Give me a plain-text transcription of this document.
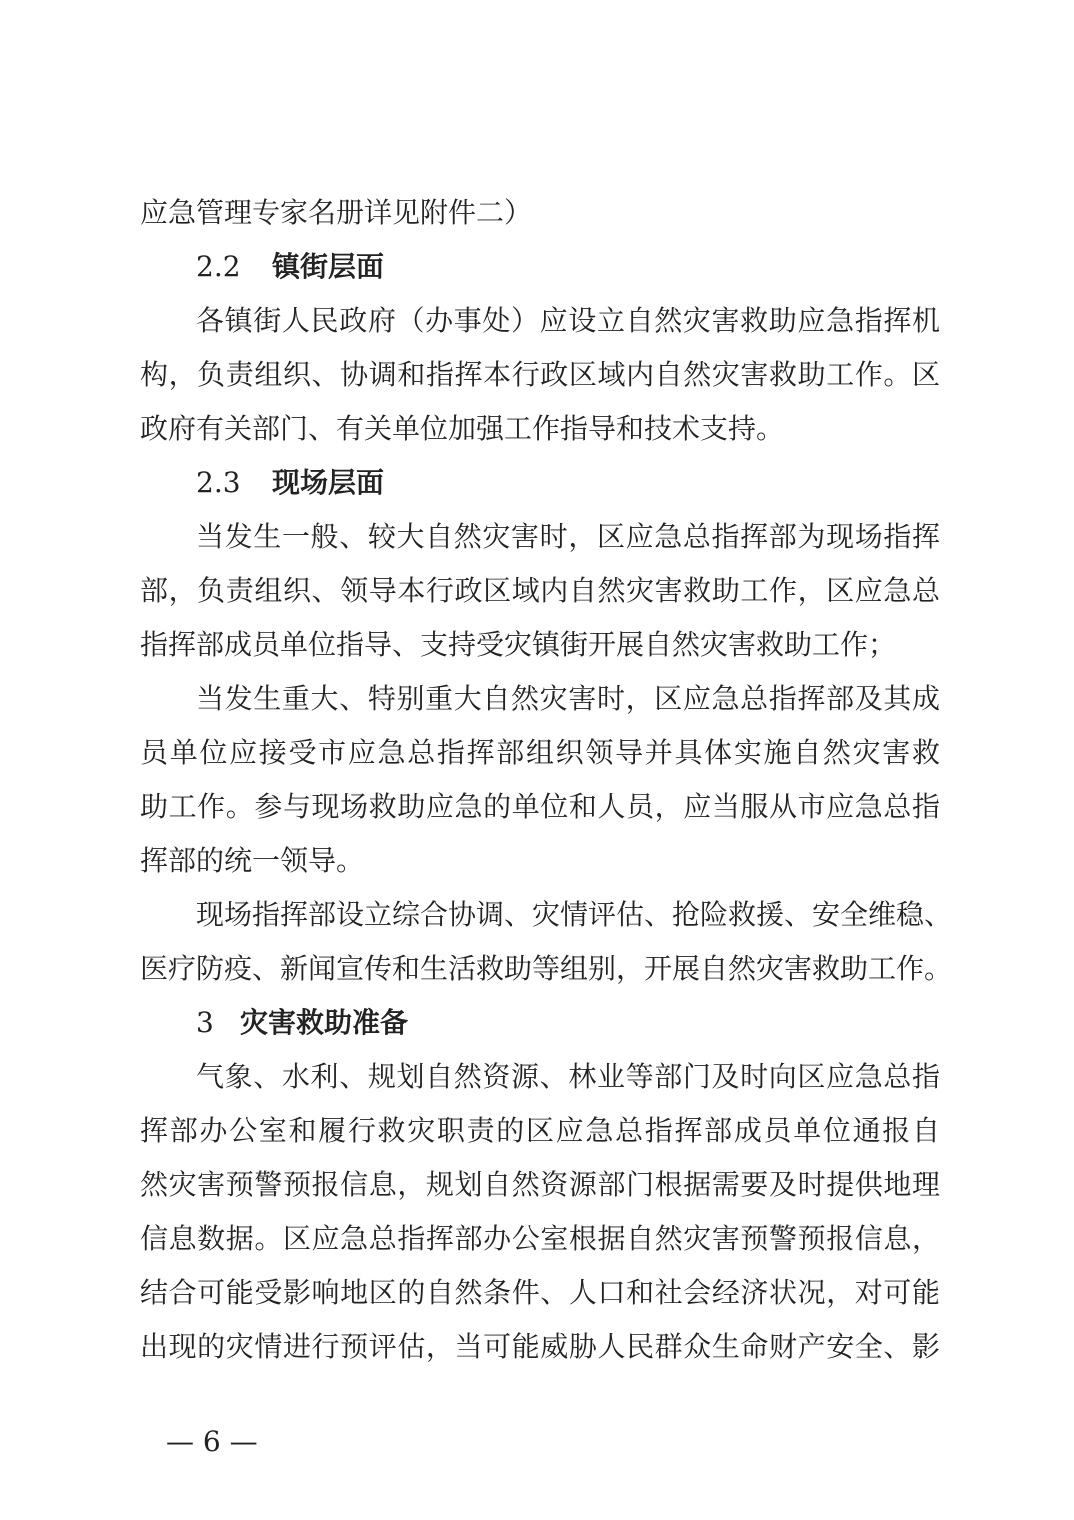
应急管理专家名册详见附件二）
2.2 镇街层面
各镇街人民政府（办事处）应设立自然灾害救助应急指挥机
构，负责组织、协调和指挥本行政区域内自然灾害救助工作。区
政府有关部门、有关单位加强工作指导和技术支持。
2.3 现场层面
当发生一般、较大自然灾害时，区应急总指挥部为现场指挥
部，负责组织、领导本行政区域内自然灾害救助工作，区应急总
指挥部成员单位指导、支持受灾镇街开展自然灾害救助工作；
当发生重大、特别重大自然灾害时，区应急总指挥部及其成
员单位应接受市应急总指挥部组织领导并具体实施自然灾害救
助工作。参与现场救助应急的单位和人员，应当服从市应急总指
挥部的统一领导。
现场指挥部设立综合协调、灾情评估、抢险救援、安全维稳、
医疗防疫、新闻宣传和生活救助等组别，开展自然灾害救助工作。
3 灾害救助准备
气象、水利、规划自然资源、林业等部门及时向区应急总指
挥部办公室和履行救灾职责的区应急总指挥部成员单位通报自
然灾害预警预报信息，规划自然资源部门根据需要及时提供地理
信息数据。区应急总指挥部办公室根据自然灾害预警预报信息，
结合可能受影响地区的自然条件、人口和社会经济状况，对可能
出现的灾情进行预评估，当可能威胁人民群众生命财产安全、影
— 6 —
